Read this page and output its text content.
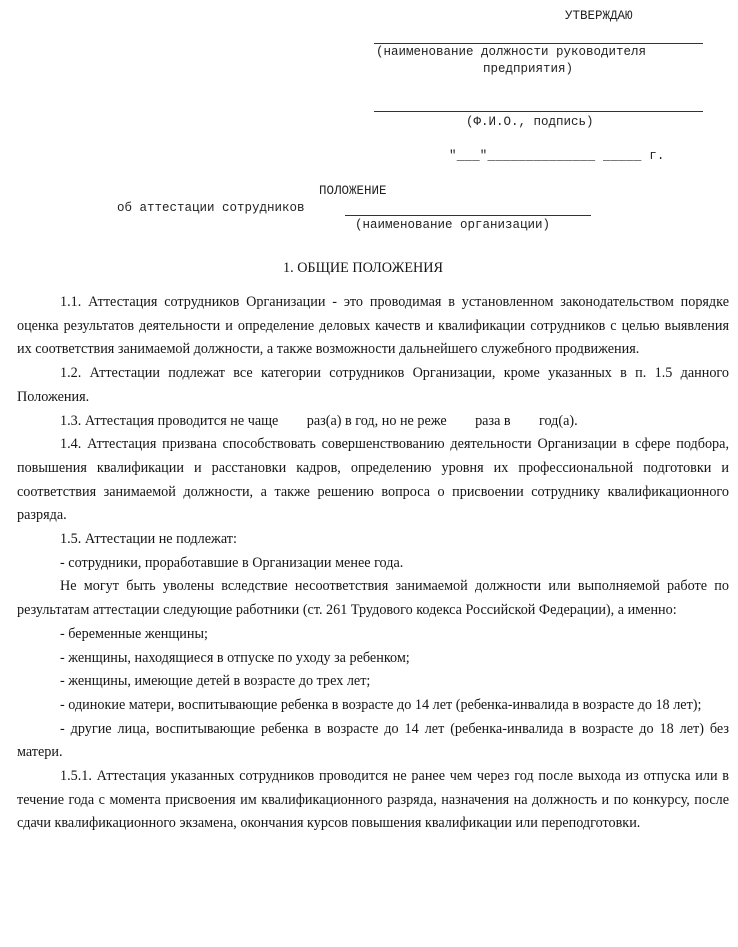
УТВЕРЖДАЮ
(наименование должности руководителя
предприятия)
(Ф.И.О., подпись)
"___"______________ _____ г.
ПОЛОЖЕНИЕ
об аттестации сотрудников
(наименование организации)
1. ОБЩИЕ ПОЛОЖЕНИЯ

1.1. Аттестация сотрудников Организации - это проводимая в установленном законодательством порядке оценка результатов деятельности и определение деловых качеств и квалификации сотрудников с целью выявления их соответствия занимаемой должности, а также возможности дальнейшего служебного продвижения.

1.2. Аттестации подлежат все категории сотрудников Организации, кроме указанных в п. 1.5 данного Положения.

1.3. Аттестация проводится не чаще        раз(а) в год, но не реже        раза в        год(а).

1.4. Аттестация призвана способствовать совершенствованию деятельности Организации в сфере подбора, повышения квалификации и расстановки кадров, определению уровня их профессиональной подготовки и соответствия занимаемой должности, а также решению вопроса о присвоении сотруднику квалификационного разряда.

1.5. Аттестации не подлежат:

- сотрудники, проработавшие в Организации менее года.

Не могут быть уволены вследствие несоответствия занимаемой должности или выполняемой работе по результатам аттестации следующие работники (ст. 261 Трудового кодекса Российской Федерации), а именно:

- беременные женщины;

- женщины, находящиеся в отпуске по уходу за ребенком;

- женщины, имеющие детей в возрасте до трех лет;

- одинокие матери, воспитывающие ребенка в возрасте до 14 лет (ребенка-инвалида в возрасте до 18 лет);

- другие лица, воспитывающие ребенка в возрасте до 14 лет (ребенка-инвалида в возрасте до 18 лет) без матери.

1.5.1. Аттестация указанных сотрудников проводится не ранее чем через год после выхода из отпуска или в течение года с момента присвоения им квалификационного разряда, назначения на должность и по конкурсу, после сдачи квалификационного экзамена, окончания курсов повышения квалификации или переподготовки.
